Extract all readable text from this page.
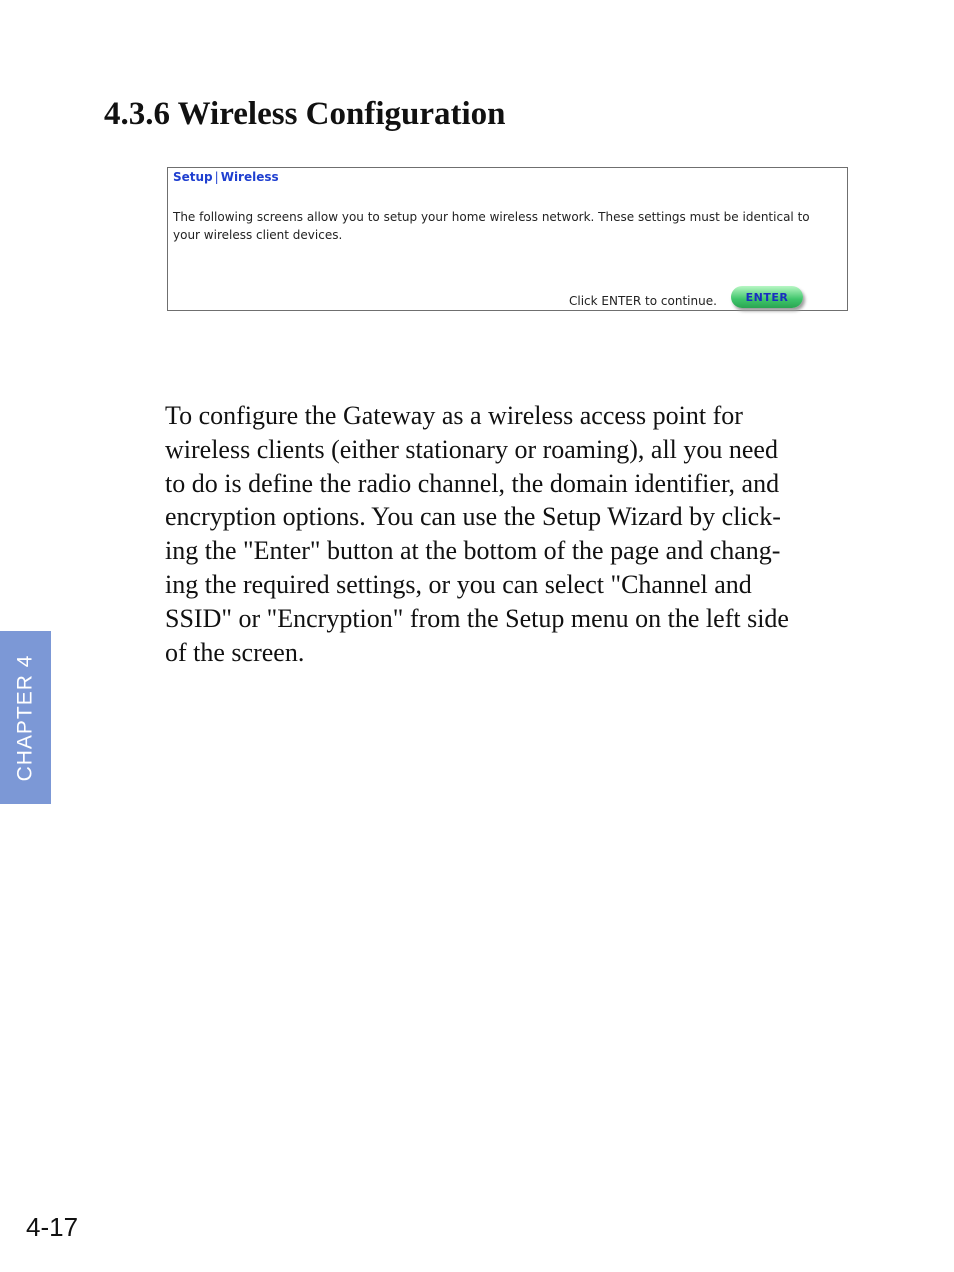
4.3.6 Wireless Configuration
Setup | Wireless
The following screens allow you to setup your home wireless network. These settings must be identical to
your wireless client devices.
Click ENTER to continue.	ENTER
To configure the Gateway as a wireless access point for
wireless clients (either stationary or roaming), all you need
to do is define the radio channel, the domain identifier, and
encryption options. You can use the Setup Wizard by click-
ing the "Enter" button at the bottom of the page and chang-
ing the required settings, or you can select "Channel and
SSID" or "Encryption" from the Setup menu on the left side
of the screen.
CHAPTER 4
4-17
